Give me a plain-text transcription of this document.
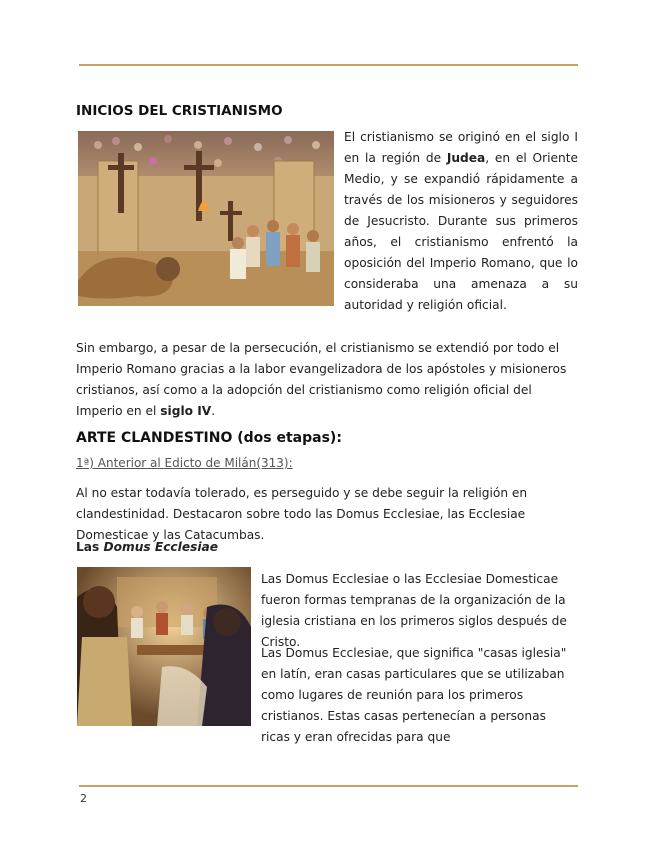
INICIOS DEL CRISTIANISMO

El cristianismo se originó en el siglo I en la región de Judea, en el Oriente Medio, y se expandió rápidamente a través de los misioneros y seguidores de Jesucristo. Durante sus primeros años, el cristianismo enfrentó la oposición del Imperio Romano, que lo consideraba una amenaza a su autoridad y religión oficial.

Sin embargo, a pesar de la persecución, el cristianismo se extendió por todo el Imperio Romano gracias a la labor evangelizadora de los apóstoles y misioneros cristianos, así como a la adopción del cristianismo como religión oficial del Imperio en el siglo IV.

ARTE CLANDESTINO (dos etapas):

1ª) Anterior al Edicto de Milán(313):

Al no estar todavía tolerado, es perseguido y se debe seguir la religión en clandestinidad. Destacaron sobre todo las Domus Ecclesiae, las Ecclesiae Domesticae y las Catacumbas.

Las Domus Ecclesiae

Las Domus Ecclesiae o las Ecclesiae Domesticae fueron formas tempranas de la organización de la iglesia cristiana en los primeros siglos después de Cristo.

Las Domus Ecclesiae, que significa "casas iglesia" en latín, eran casas particulares que se utilizaban como lugares de reunión para los primeros cristianos. Estas casas pertenecían a personas ricas y eran ofrecidas para que

2
